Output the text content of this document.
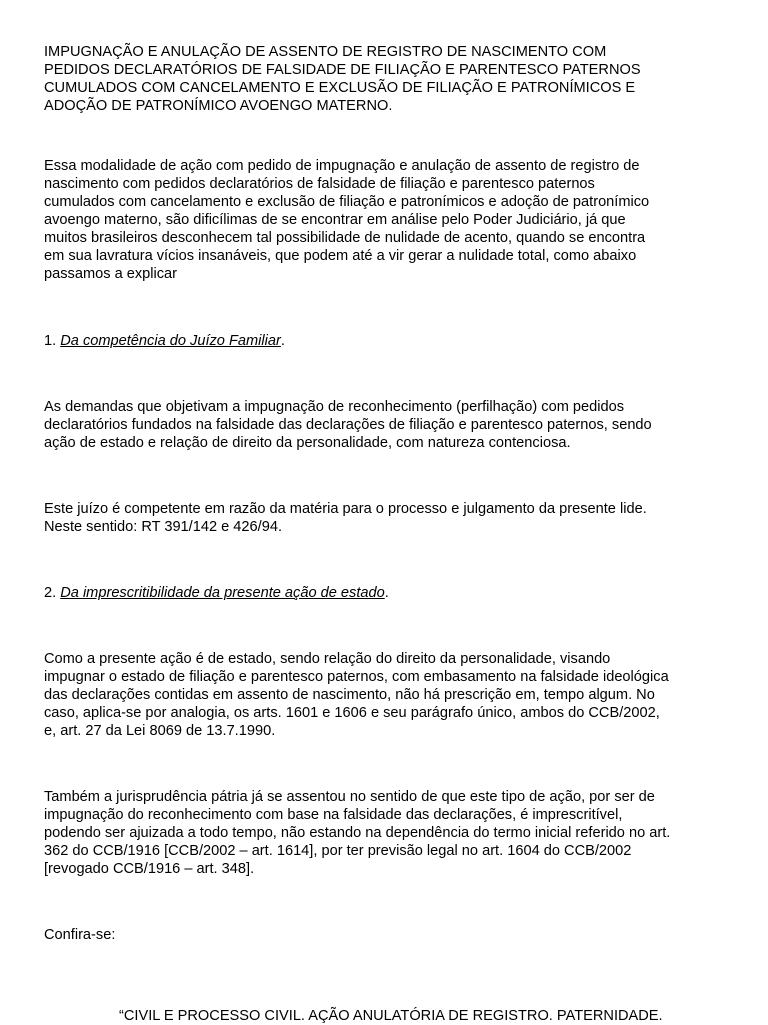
IMPUGNAÇÃO E ANULAÇÃO DE ASSENTO DE REGISTRO DE NASCIMENTO COM
PEDIDOS DECLARATÓRIOS DE FALSIDADE DE FILIAÇÃO E PARENTESCO PATERNOS
CUMULADOS COM CANCELAMENTO E EXCLUSÃO DE FILIAÇÃO E PATRONÍMICOS E
ADOÇÃO DE PATRONÍMICO AVOENGO MATERNO.

Essa modalidade de ação com pedido de impugnação e anulação de assento de registro de
nascimento com pedidos declaratórios de falsidade de filiação e parentesco paternos
cumulados com cancelamento e exclusão de filiação e patronímicos e adoção de patronímico
avoengo materno, são dificílimas de se encontrar em análise pelo Poder Judiciário, já que
muitos brasileiros desconhecem tal possibilidade de nulidade de acento, quando se encontra
em sua lavratura vícios insanáveis, que podem até a vir gerar a nulidade total, como abaixo
passamos a explicar

1. Da competência do Juízo Familiar.

As demandas que objetivam a impugnação de reconhecimento (perfilhação) com pedidos
declaratórios fundados na falsidade das declarações de filiação e parentesco paternos, sendo
ação de estado e relação de direito da personalidade, com natureza contenciosa.

Este juízo é competente em razão da matéria para o processo e julgamento da presente lide.
Neste sentido: RT 391/142 e 426/94.

2. Da imprescritibilidade da presente ação de estado.

Como a presente ação é de estado, sendo relação do direito da personalidade, visando
impugnar o estado de filiação e parentesco paternos, com embasamento na falsidade ideológica
das declarações contidas em assento de nascimento, não há prescrição em, tempo algum. No
caso, aplica-se por analogia, os arts. 1601 e 1606 e seu parágrafo único, ambos do CCB/2002,
e, art. 27 da Lei 8069 de 13.7.1990.

Também a jurisprudência pátria já se assentou no sentido de que este tipo de ação, por ser de
impugnação do reconhecimento com base na falsidade das declarações, é imprescritível,
podendo ser ajuizada a todo tempo, não estando na dependência do termo inicial referido no art.
362 do CCB/1916 [CCB/2002 – art. 1614], por ter previsão legal no art. 1604 do CCB/2002
[revogado CCB/1916 – art. 348].

Confira-se:

“CIVIL E PROCESSO CIVIL. AÇÃO ANULATÓRIA DE REGISTRO. PATERNIDADE.
